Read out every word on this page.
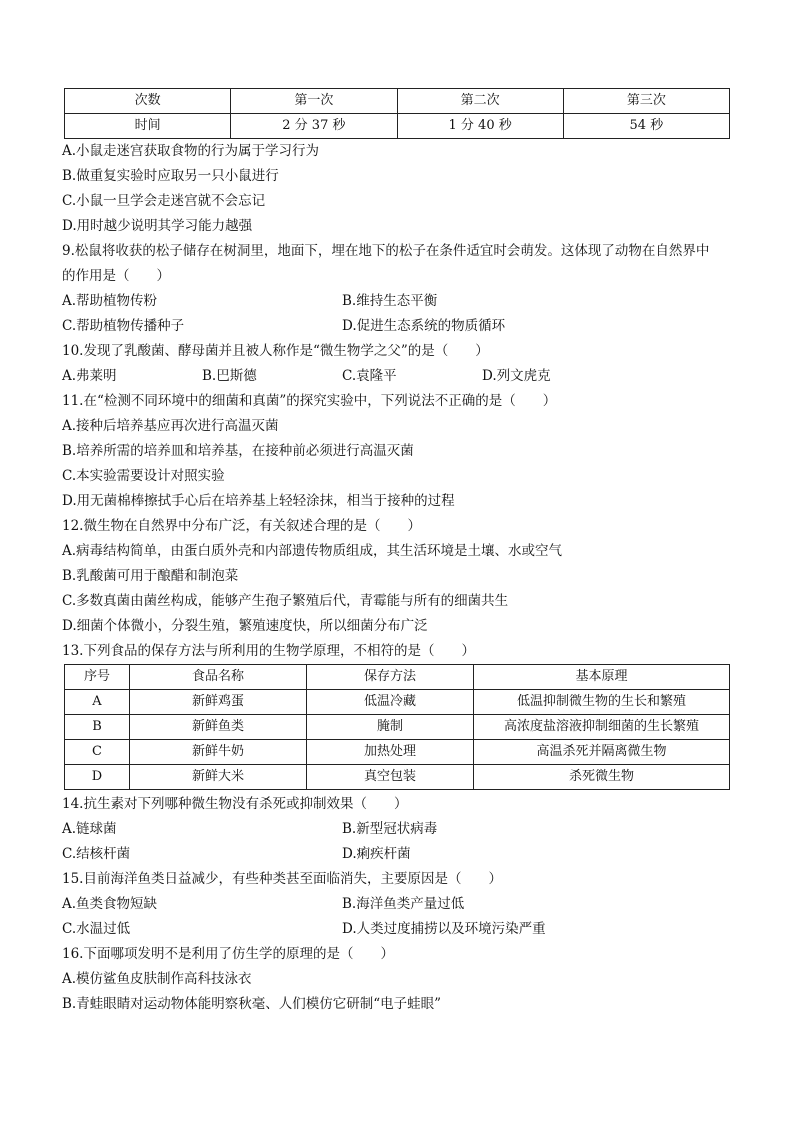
次数	第一次	第二次	第三次
时间	2 分 37 秒	1 分 40 秒	54 秒
A.小鼠走迷宫获取食物的行为属于学习行为
B.做重复实验时应取另一只小鼠进行
C.小鼠一旦学会走迷宫就不会忘记
D.用时越少说明其学习能力越强
9.松鼠将收获的松子储存在树洞里，地面下，埋在地下的松子在条件适宜时会萌发。这体现了动物在自然界中
的作用是（　　）
A.帮助植物传粉	B.维持生态平衡
C.帮助植物传播种子	D.促进生态系统的物质循环
10.发现了乳酸菌、酵母菌并且被人称作是“微生物学之父”的是（　　）
A.弗莱明	B.巴斯德	C.袁隆平	D.列文虎克
11.在“检测不同环境中的细菌和真菌”的探究实验中，下列说法不正确的是（　　）
A.接种后培养基应再次进行高温灭菌
B.培养所需的培养皿和培养基，在接种前必须进行高温灭菌
C.本实验需要设计对照实验
D.用无菌棉棒擦拭手心后在培养基上轻轻涂抹，相当于接种的过程
12.微生物在自然界中分布广泛，有关叙述合理的是（　　）
A.病毒结构简单，由蛋白质外壳和内部遗传物质组成，其生活环境是土壤、水或空气
B.乳酸菌可用于酿醋和制泡菜
C.多数真菌由菌丝构成，能够产生孢子繁殖后代，青霉能与所有的细菌共生
D.细菌个体微小，分裂生殖，繁殖速度快，所以细菌分布广泛
13.下列食品的保存方法与所利用的生物学原理，不相符的是（　　）
序号	食品名称	保存方法	基本原理
A	新鲜鸡蛋	低温冷藏	低温抑制微生物的生长和繁殖
B	新鲜鱼类	腌制	高浓度盐溶液抑制细菌的生长繁殖
C	新鲜牛奶	加热处理	高温杀死并隔离微生物
D	新鲜大米	真空包装	杀死微生物
14.抗生素对下列哪种微生物没有杀死或抑制效果（　　）
A.链球菌	B.新型冠状病毒
C.结核杆菌	D.痢疾杆菌
15.目前海洋鱼类日益减少，有些种类甚至面临消失，主要原因是（　　）
A.鱼类食物短缺	B.海洋鱼类产量过低
C.水温过低	D.人类过度捕捞以及环境污染严重
16.下面哪项发明不是利用了仿生学的原理的是（　　）
A.模仿鲨鱼皮肤制作高科技泳衣
B.青蛙眼睛对运动物体能明察秋毫、人们模仿它研制“电子蛙眼”
